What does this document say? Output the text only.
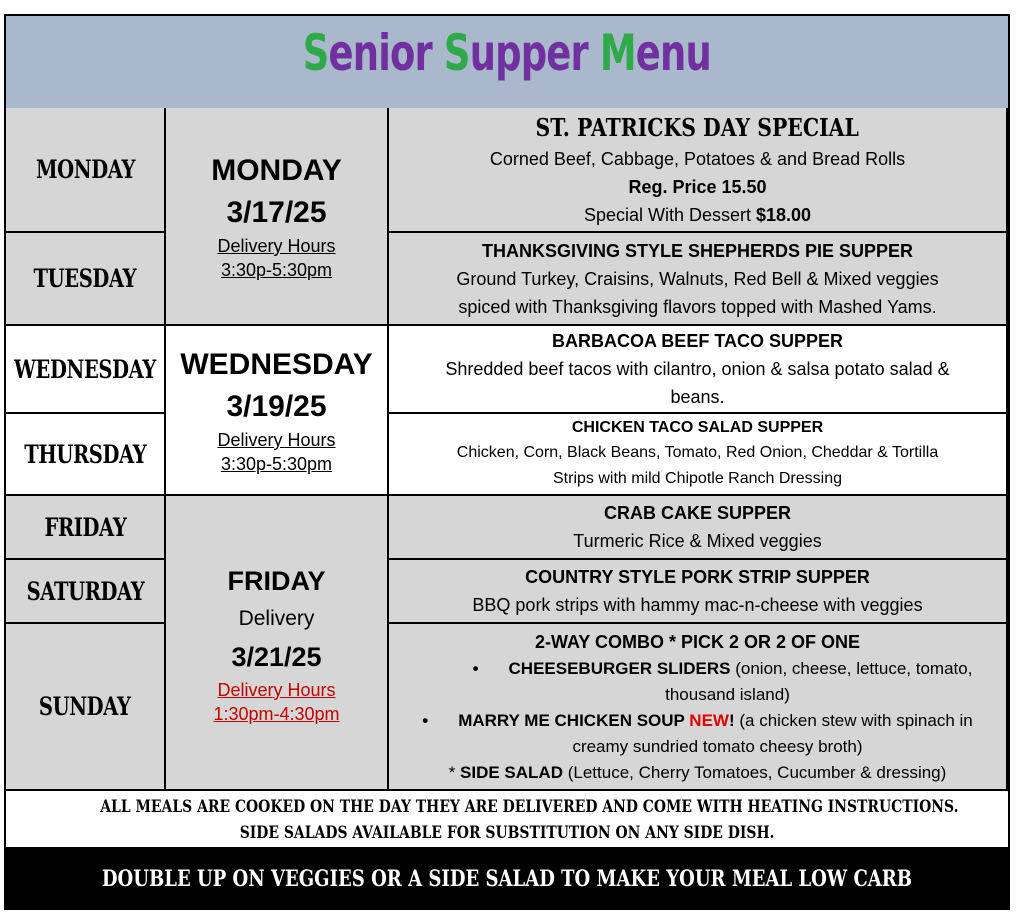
Senior Supper Menu
MONDAY
TUESDAY
WEDNESDAY
THURSDAY
FRIDAY
SATURDAY
SUNDAY
MONDAY
3/17/25
Delivery Hours
3:30p-5:30pm
WEDNESDAY
3/19/25
Delivery Hours
3:30p-5:30pm
FRIDAY
Delivery
3/21/25
Delivery Hours
1:30pm-4:30pm
ST. PATRICKS DAY SPECIAL
Corned Beef, Cabbage, Potatoes & and Bread Rolls
Reg. Price 15.50
Special With Dessert $18.00
THANKSGIVING STYLE SHEPHERDS PIE SUPPER
Ground Turkey, Craisins, Walnuts, Red Bell & Mixed veggies
spiced with Thanksgiving flavors topped with Mashed Yams.
BARBACOA BEEF TACO SUPPER
Shredded beef tacos with cilantro, onion & salsa potato salad &
beans.
CHICKEN TACO SALAD SUPPER
Chicken, Corn, Black Beans, Tomato, Red Onion, Cheddar & Tortilla
Strips with mild Chipotle Ranch Dressing
CRAB CAKE SUPPER
Turmeric Rice & Mixed veggies
COUNTRY STYLE PORK STRIP SUPPER
BBQ pork strips with hammy mac-n-cheese with veggies
2-WAY COMBO * PICK 2 OR 2 OF ONE
• CHEESEBURGER SLIDERS (onion, cheese, lettuce, tomato,
thousand island)
• MARRY ME CHICKEN SOUP NEW! (a chicken stew with spinach in
creamy sundried tomato cheesy broth)
* SIDE SALAD (Lettuce, Cherry Tomatoes, Cucumber & dressing)
ALL MEALS ARE COOKED ON THE DAY THEY ARE DELIVERED AND COME WITH HEATING INSTRUCTIONS.
SIDE SALADS AVAILABLE FOR SUBSTITUTION ON ANY SIDE DISH.
DOUBLE UP ON VEGGIES OR A SIDE SALAD TO MAKE YOUR MEAL LOW CARB
